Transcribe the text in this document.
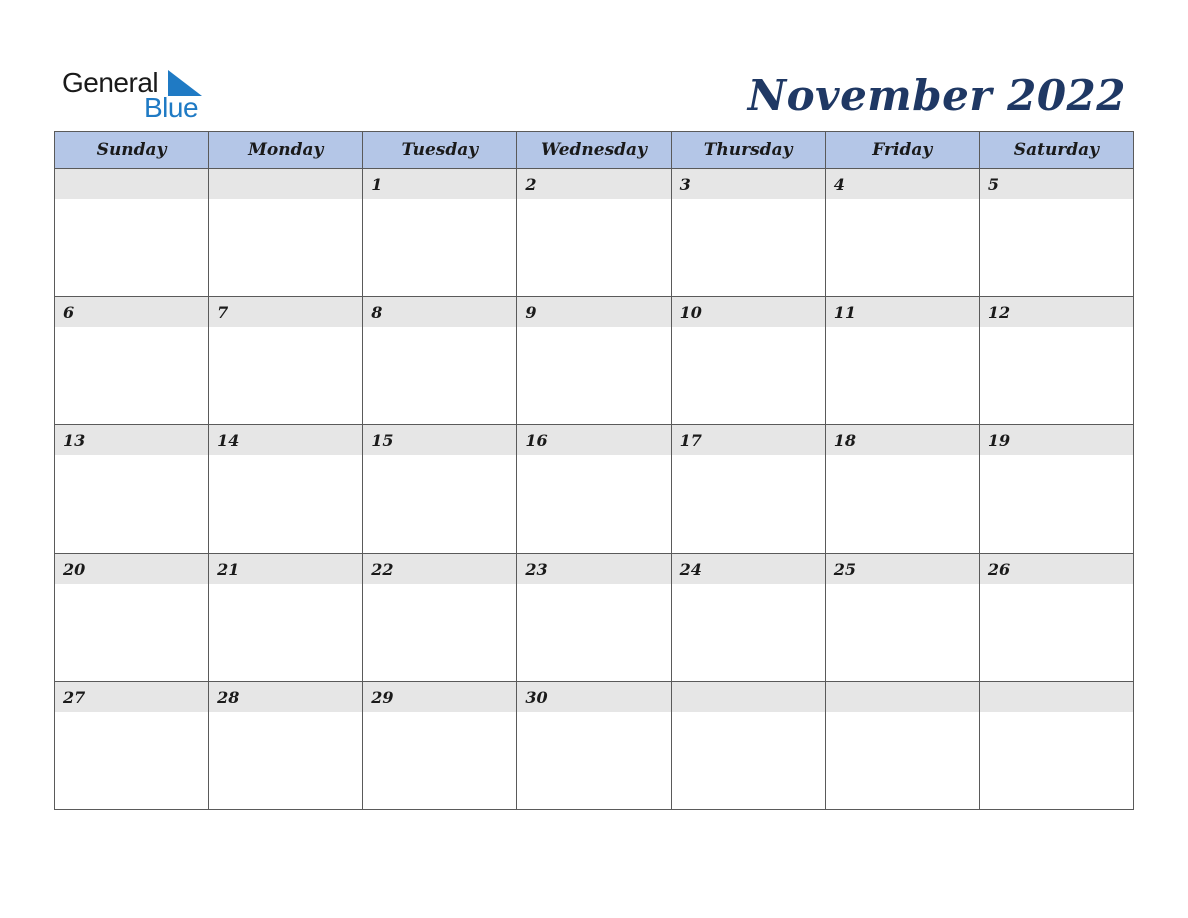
General
Blue	November 2022
Sunday	Monday	Tuesday	Wednesday	Thursday	Friday	Saturday

		1	2	3	4	5

6	7	8	9	10	11	12

13	14	15	16	17	18	19

20	21	22	23	24	25	26

27	28	29	30			
